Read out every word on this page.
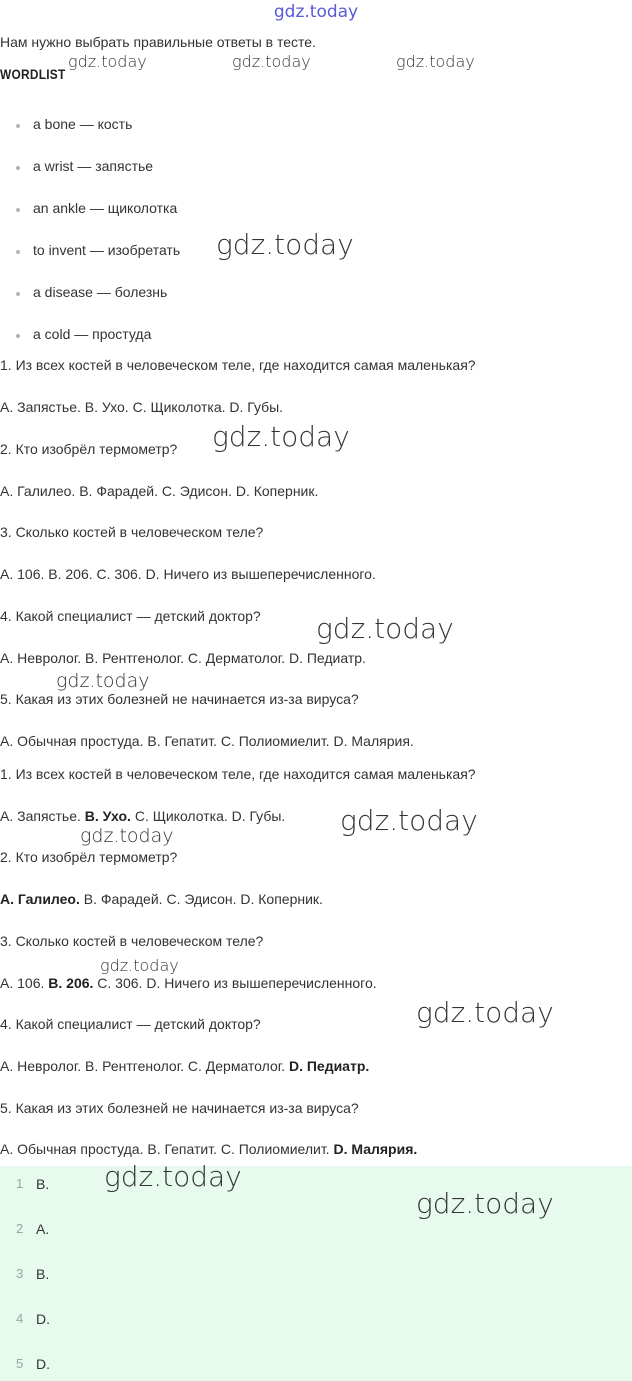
gdz.today
Нам нужно выбрать правильные ответы в тесте.
WORDLIST
a bone — кость
a wrist — запястье
an ankle — щиколотка
to invent — изобретать
a disease — болезнь
a cold — простуда
1. Из всех костей в человеческом теле, где находится самая маленькая?
A. Запястье. B. Ухо. C. Щиколотка. D. Губы.
2. Кто изобрёл термометр?
A. Галилео. B. Фарадей. C. Эдисон. D. Коперник.
3. Сколько костей в человеческом теле?
A. 106. B. 206. C. 306. D. Ничего из вышеперечисленного.
4. Какой специалист — детский доктор?
A. Невролог. B. Рентгенолог. C. Дерматолог. D. Педиатр.
5. Какая из этих болезней не начинается из-за вируса?
A. Обычная простуда. B. Гепатит. C. Полиомиелит. D. Малярия.
1. Из всех костей в человеческом теле, где находится самая маленькая?
A. Запястье. B. Ухо. C. Щиколотка. D. Губы.
2. Кто изобрёл термометр?
A. Галилео. B. Фарадей. C. Эдисон. D. Коперник.
3. Сколько костей в человеческом теле?
A. 106. B. 206. C. 306. D. Ничего из вышеперечисленного.
4. Какой специалист — детский доктор?
A. Невролог. B. Рентгенолог. C. Дерматолог. D. Педиатр.
5. Какая из этих болезней не начинается из-за вируса?
A. Обычная простуда. B. Гепатит. C. Полиомиелит. D. Малярия.
1 B.
2 A.
3 B.
4 D.
5 D.
gdz.today	gdz.today	gdz.today
gdz.today
gdz.today
gdz.today
gdz.today
gdz.today
gdz.today
gdz.today
gdz.today
gdz.today
gdz.today
